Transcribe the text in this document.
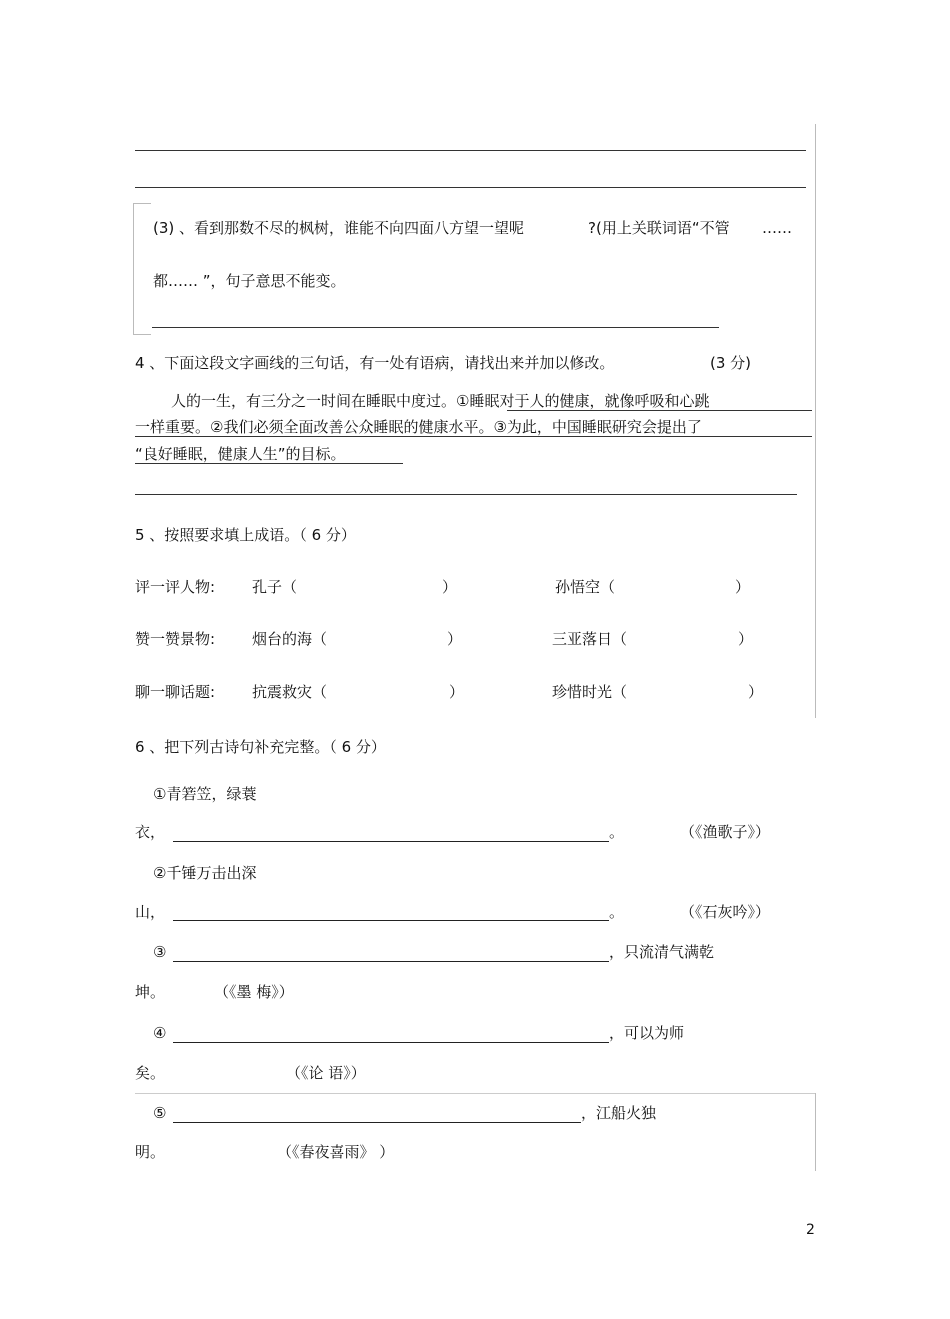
(3) 、看到那数不尽的枫树，谁能不向四面八方望一望呢	?(用上关联词语“不管 ……
都…… ”，句子意思不能变。
4 、下面这段文字画线的三句话，有一处有语病，请找出来并加以修改。	(3 分)
人的一生，有三分之一时间在睡眠中度过。①睡眠对于人的健康，就像呼吸和心跳
一样重要。②我们必须全面改善公众睡眠的健康水平。③为此，中国睡眠研究会提出了
“良好睡眠，健康人生”的目标。
5 、按照要求填上成语。（ 6 分）
评一评人物: 孔子（	）	孙悟空（	）
赞一赞景物: 烟台的海（	）	三亚落日（	）
聊一聊话题: 抗震救灾（	）	珍惜时光（	）
6 、把下列古诗句补充完整。（ 6 分）
①青箬笠，绿蓑
衣，	。	（《渔歌子》）
②千锤万击出深
山，	。	（《石灰吟》）
③	，只流清气满乾
坤。	（《墨 梅》）
④	，可以为师
矣。	（《论 语》）
⑤	，江船火独
明。	（《春夜喜雨》 ）
2
